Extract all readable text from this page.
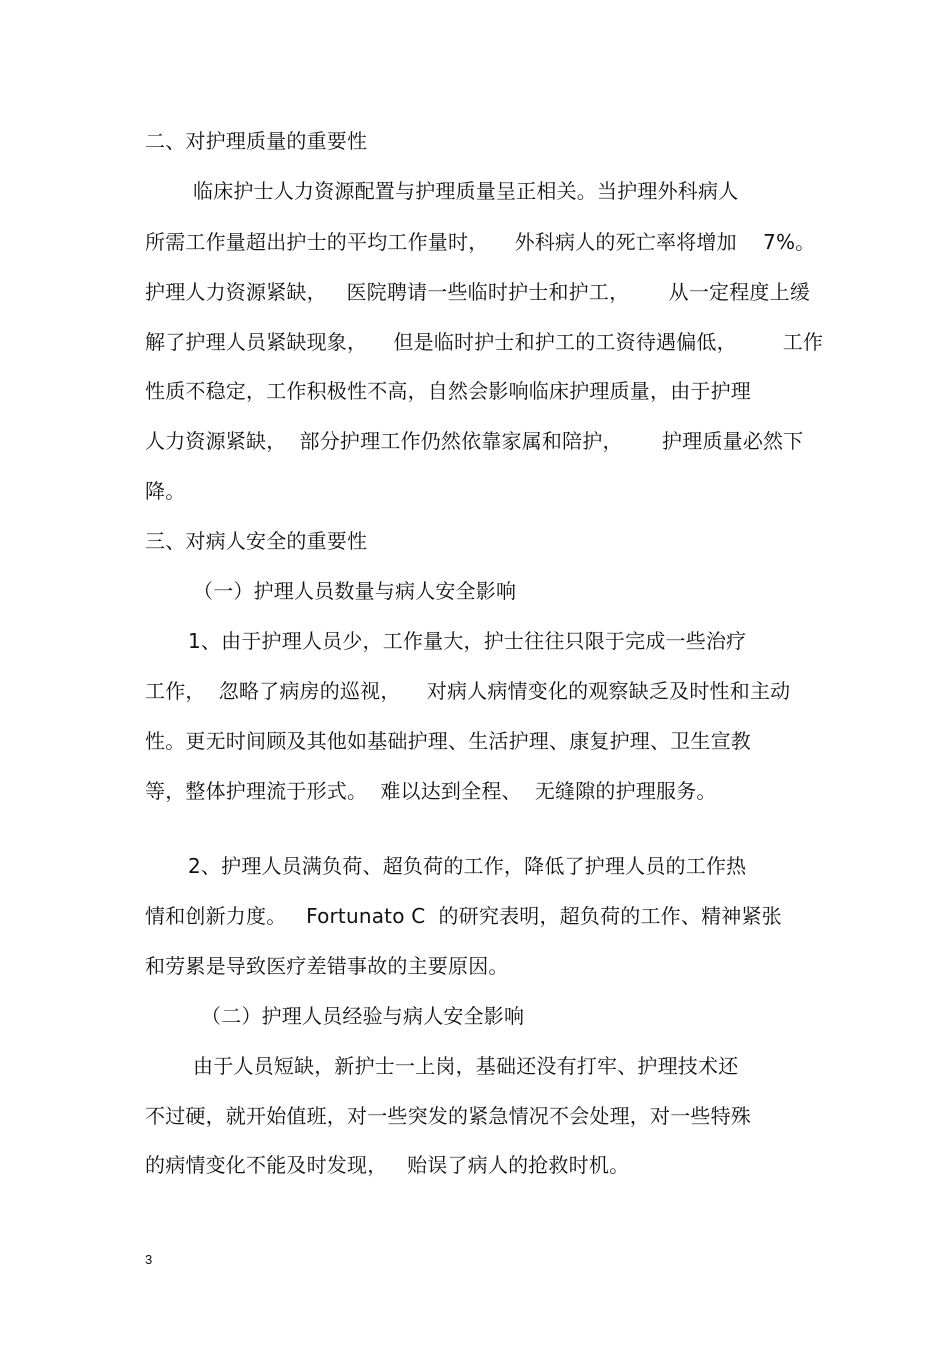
二、对护理质量的重要性
临床护士人力资源配置与护理质量呈正相关。当护理外科病人
所需工作量超出护士的平均工作量时，    外科病人的死亡率将增加    7%。
护理人力资源紧缺，   医院聘请一些临时护士和护工，      从一定程度上缓
解了护理人员紧缺现象，    但是临时护士和护工的工资待遇偏低，       工作
性质不稳定，工作积极性不高，自然会影响临床护理质量，由于护理
人力资源紧缺，  部分护理工作仍然依靠家属和陪护，      护理质量必然下
降。
三、对病人安全的重要性
（一）护理人员数量与病人安全影响
1、由于护理人员少，工作量大，护士往往只限于完成一些治疗
工作，  忽略了病房的巡视，    对病人病情变化的观察缺乏及时性和主动
性。更无时间顾及其他如基础护理、生活护理、康复护理、卫生宣教
等，整体护理流于形式。  难以达到全程、  无缝隙的护理服务。
2、护理人员满负荷、超负荷的工作，降低了护理人员的工作热
情和创新力度。   Fortunato C  的研究表明，超负荷的工作、精神紧张
和劳累是导致医疗差错事故的主要原因。
（二）护理人员经验与病人安全影响
由于人员短缺，新护士一上岗，基础还没有打牢、护理技术还
不过硬，就开始值班，对一些突发的紧急情况不会处理，对一些特殊
的病情变化不能及时发现，   贻误了病人的抢救时机。
3
